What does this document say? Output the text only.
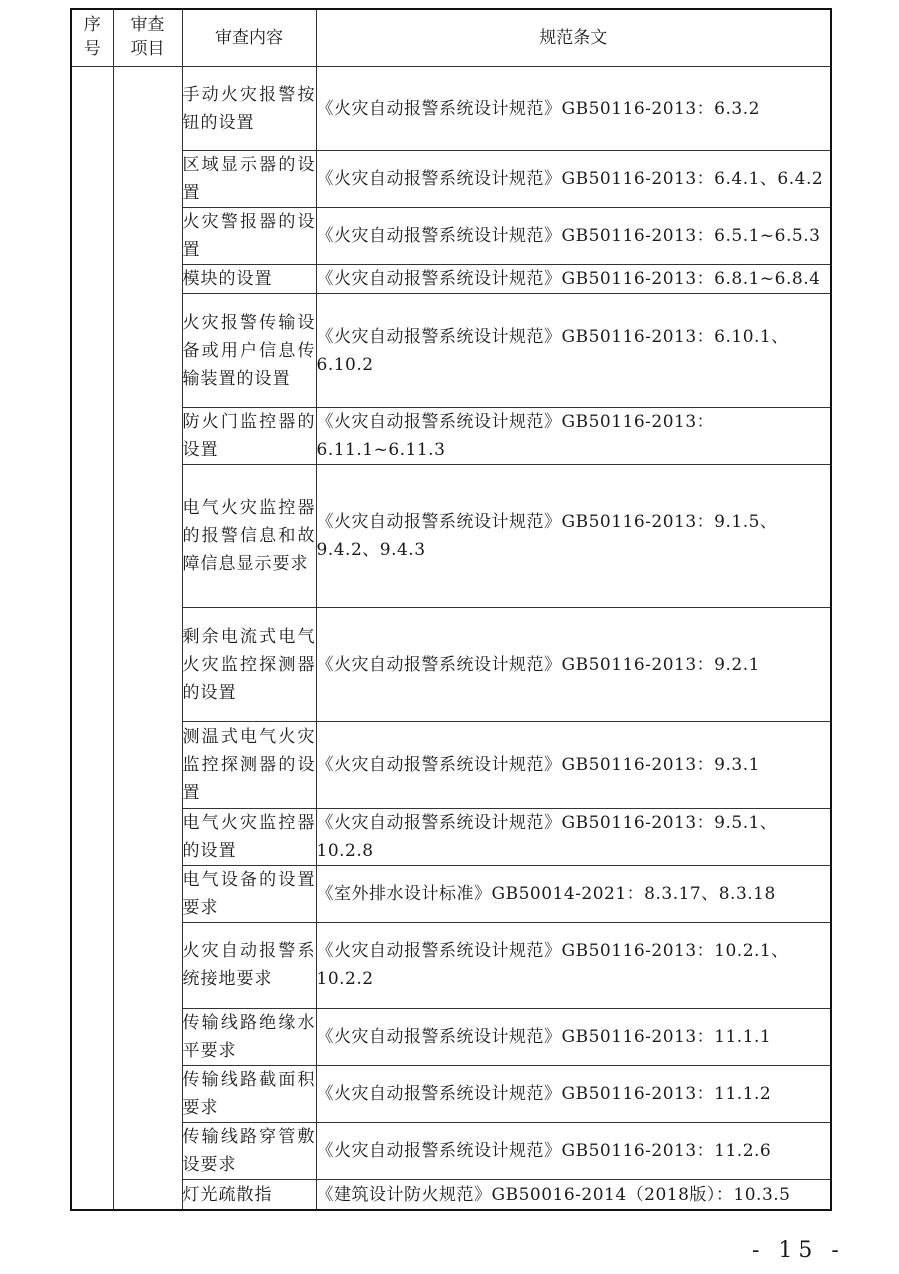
序号	审查项目	审查内容	规范条文
		手动火灾报警按钮的设置	《火灾自动报警系统设计规范》GB50116-2013：6.3.2
		区域显示器的设置	《火灾自动报警系统设计规范》GB50116-2013：6.4.1、6.4.2
		火灾警报器的设置	《火灾自动报警系统设计规范》GB50116-2013：6.5.1~6.5.3
		模块的设置	《火灾自动报警系统设计规范》GB50116-2013：6.8.1~6.8.4
		火灾报警传输设备或用户信息传输装置的设置	《火灾自动报警系统设计规范》GB50116-2013：6.10.1、6.10.2
		防火门监控器的设置	《火灾自动报警系统设计规范》GB50116-2013：6.11.1~6.11.3
		电气火灾监控器的报警信息和故障信息显示要求	《火灾自动报警系统设计规范》GB50116-2013：9.1.5、9.4.2、9.4.3
		剩余电流式电气火灾监控探测器的设置	《火灾自动报警系统设计规范》GB50116-2013：9.2.1
		测温式电气火灾监控探测器的设置	《火灾自动报警系统设计规范》GB50116-2013：9.3.1
		电气火灾监控器的设置	《火灾自动报警系统设计规范》GB50116-2013：9.5.1、10.2.8
		电气设备的设置要求	《室外排水设计标准》GB50014-2021：8.3.17、8.3.18
		火灾自动报警系统接地要求	《火灾自动报警系统设计规范》GB50116-2013：10.2.1、10.2.2
		传输线路绝缘水平要求	《火灾自动报警系统设计规范》GB50116-2013：11.1.1
		传输线路截面积要求	《火灾自动报警系统设计规范》GB50116-2013：11.1.2
		传输线路穿管敷设要求	《火灾自动报警系统设计规范》GB50116-2013：11.2.6
		灯光疏散指	《建筑设计防火规范》GB50016-2014（2018版）：10.3.5
- 15 -
